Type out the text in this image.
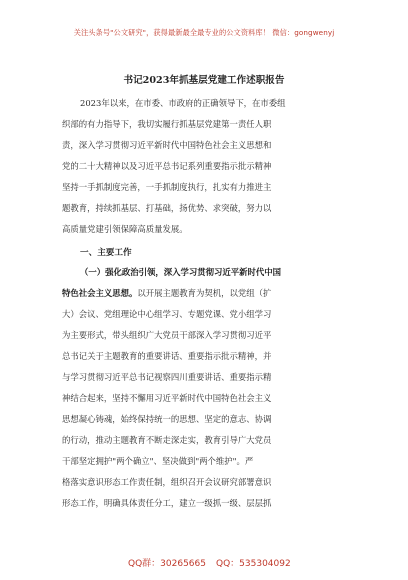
关注头条号"公文研究"，获得最新最全最专业的公文资料库！ 微信：gongwenyj
书记2023年抓基层党建工作述职报告
2023年以来，在市委、市政府的正确领导下，在市委组
织部的有力指导下，我切实履行抓基层党建第一责任人职
责，深入学习贯彻习近平新时代中国特色社会主义思想和
党的二十大精神以及习近平总书记系列重要指示批示精神
坚持一手抓制度完善，一手抓制度执行，扎实有力推进主
题教育，持续抓基层、打基础，扬优势、求突破，努力以
高质量党建引领保障高质量发展。
一、主要工作
（一）强化政治引领，深入学习贯彻习近平新时代中国
特色社会主义思想。以开展主题教育为契机，以党组（扩
大）会议、党组理论中心组学习、专题党课、党小组学习
为主要形式，带头组织广大党员干部深入学习贯彻习近平
总书记关于主题教育的重要讲话、重要指示批示精神，并
与学习贯彻习近平总书记视察四川重要讲话、重要指示精
神结合起来，坚持不懈用习近平新时代中国特色社会主义
思想凝心铸魂，始终保持统一的思想、坚定的意志、协调
的行动，推动主题教育不断走深走实，教育引导广大党员
干部坚定拥护"两个确立"、坚决做到"两个维护"。严
格落实意识形态工作责任制，组织召开会议研究部署意识
形态工作，明确具体责任分工，建立一级抓一级、层层抓
QQ群：30265665 QQ：535304092
